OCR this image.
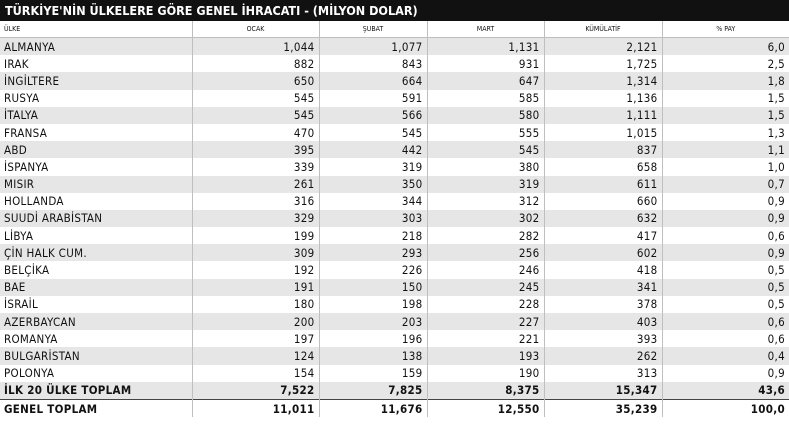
TÜRKİYE'NİN ÜLKELERE GÖRE GENEL İHRACATI - (MİLYON DOLAR)
ÜLKE	OCAK	ŞUBAT	MART	KÜMÜLATİF	% PAY
ALMANYA	1,044	1,077	1,131	2,121	6,0
IRAK	882	843	931	1,725	2,5
İNGİLTERE	650	664	647	1,314	1,8
RUSYA	545	591	585	1,136	1,5
İTALYA	545	566	580	1,111	1,5
FRANSA	470	545	555	1,015	1,3
ABD	395	442	545	837	1,1
İSPANYA	339	319	380	658	1,0
MISIR	261	350	319	611	0,7
HOLLANDA	316	344	312	660	0,9
SUUDİ ARABİSTAN	329	303	302	632	0,9
LİBYA	199	218	282	417	0,6
ÇİN HALK CUM.	309	293	256	602	0,9
BELÇİKA	192	226	246	418	0,5
BAE	191	150	245	341	0,5
İSRAİL	180	198	228	378	0,5
AZERBAYCAN	200	203	227	403	0,6
ROMANYA	197	196	221	393	0,6
BULGARİSTAN	124	138	193	262	0,4
POLONYA	154	159	190	313	0,9
İLK 20 ÜLKE TOPLAM	7,522	7,825	8,375	15,347	43,6
GENEL TOPLAM	11,011	11,676	12,550	35,239	100,0
